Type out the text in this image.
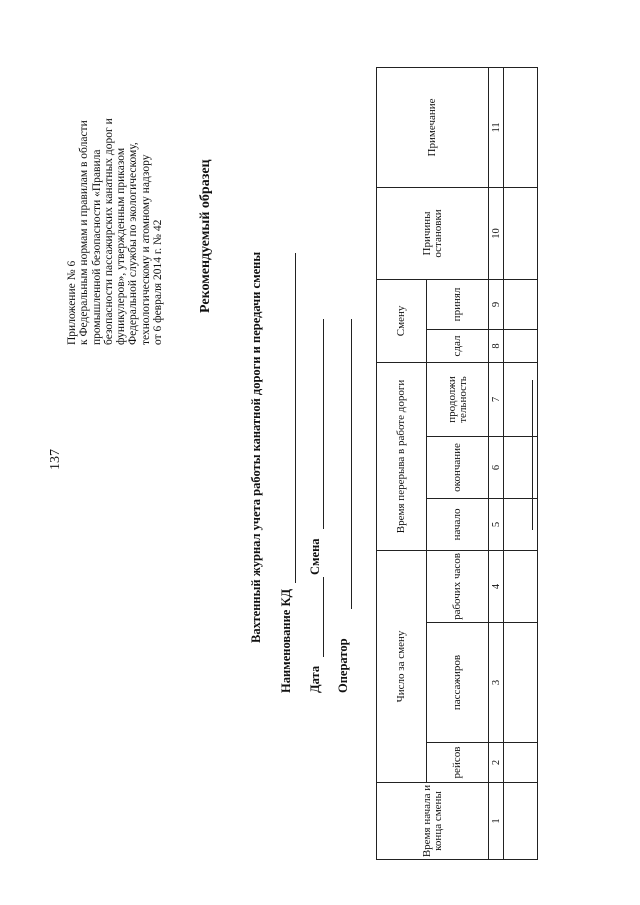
137
Приложение № 6 к Федеральным нормам и правилам в области промышленной безопасности «Правила безопасности пассажирских канатных дорог и фуникулеров», утвержденным приказом Федеральной службы по экологическому, технологическому и атомному надзору от 6 февраля 2014 г. № 42 Рекомендуемый образец
Вахтенный журнал учета работы канатной дороги и передачи смены Наименование КД Дата
Смена
Оператор
Время начала и конца смены	Число за смену			Время перерыва в работе дороги			Смену		Причины остановки	Примечание
	рейсов	пассажиров	рабочих часов	начало	окончание	продолжи тельность	сдал	принял		
1	2	3	4	5	6	7	8	9	10	11
